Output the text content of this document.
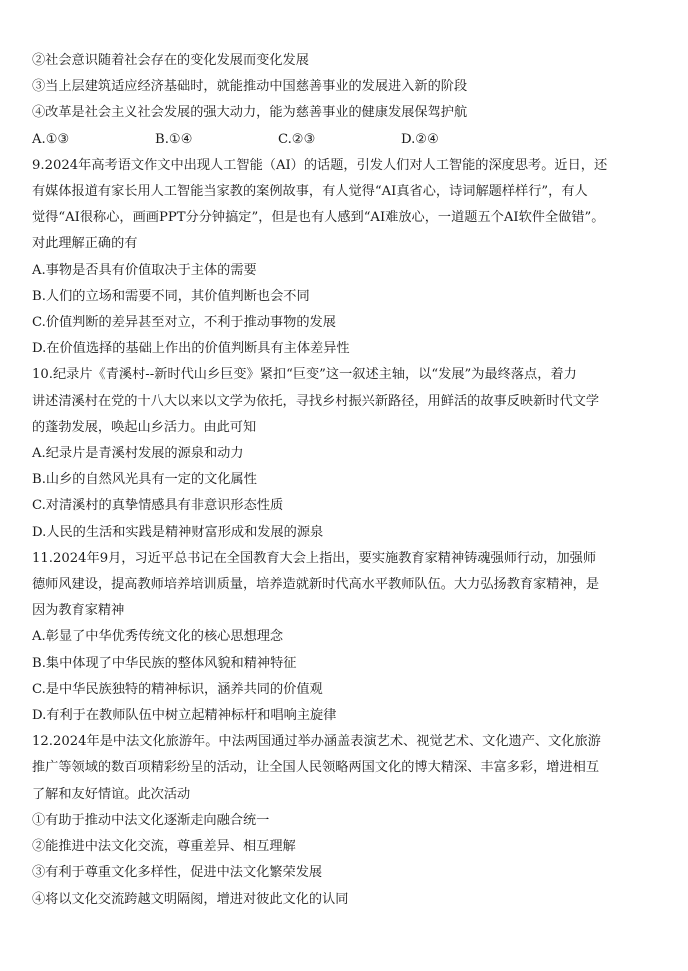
②社会意识随着社会存在的变化发展而变化发展
③当上层建筑适应经济基础时，就能推动中国慈善事业的发展进入新的阶段
④改革是社会主义社会发展的强大动力，能为慈善事业的健康发展保驾护航
A.①③	B.①④	C.②③	D.②④
9.2024年高考语文作文中出现人工智能（AI）的话题，引发人们对人工智能的深度思考。近日，还
有媒体报道有家长用人工智能当家教的案例故事，有人觉得“AI真省心，诗词解题样样行”，有人
觉得“AI很称心，画画PPT分分钟搞定”，但是也有人感到“AI难放心，一道题五个AI软件全做错”。
对此理解正确的有
A.事物是否具有价值取决于主体的需要
B.人们的立场和需要不同，其价值判断也会不同
C.价值判断的差异甚至对立，不利于推动事物的发展
D.在价值选择的基础上作出的价值判断具有主体差异性
10.纪录片《青溪村--新时代山乡巨变》紧扣“巨变”这一叙述主轴，以“发展”为最终落点，着力
讲述清溪村在党的十八大以来以文学为依托，寻找乡村振兴新路径，用鲜活的故事反映新时代文学
的蓬勃发展，唤起山乡活力。由此可知
A.纪录片是青溪村发展的源泉和动力
B.山乡的自然风光具有一定的文化属性
C.对清溪村的真挚情感具有非意识形态性质
D.人民的生活和实践是精神财富形成和发展的源泉
11.2024年9月，习近平总书记在全国教育大会上指出，要实施教育家精神铸魂强师行动，加强师
德师风建设，提高教师培养培训质量，培养造就新时代高水平教师队伍。大力弘扬教育家精神，是
因为教育家精神
A.彰显了中华优秀传统文化的核心思想理念
B.集中体现了中华民族的整体风貌和精神特征
C.是中华民族独特的精神标识，涵养共同的价值观
D.有利于在教师队伍中树立起精神标杆和唱响主旋律
12.2024年是中法文化旅游年。中法两国通过举办涵盖表演艺术、视觉艺术、文化遗产、文化旅游
推广等领域的数百项精彩纷呈的活动，让全国人民领略两国文化的博大精深、丰富多彩，增进相互
了解和友好情谊。此次活动
①有助于推动中法文化逐渐走向融合统一
②能推进中法文化交流，尊重差异、相互理解
③有利于尊重文化多样性，促进中法文化繁荣发展
④将以文化交流跨越文明隔阂，增进对彼此文化的认同
